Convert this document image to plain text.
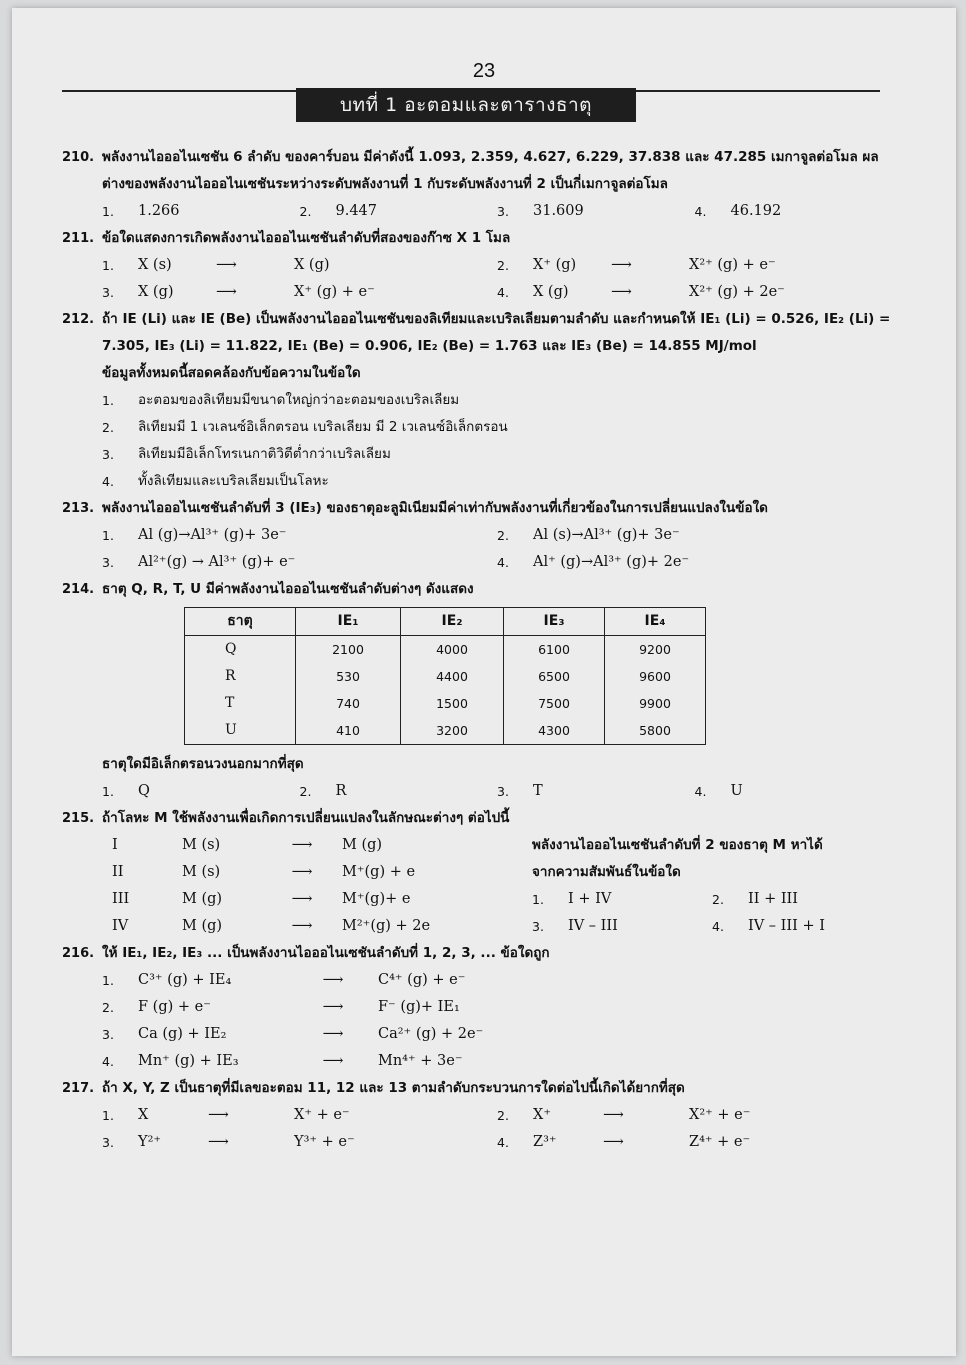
23
บทที่ 1 อะตอมและตารางธาตุ
210. พลังงานไอออไนเซชัน 6 ลำดับ ของคาร์บอน มีค่าดังนี้ 1.093, 2.359, 4.627, 6.229, 37.838 และ 47.285 เมกาจูลต่อโมล ผลต่างของพลังงานไอออไนเซชันระหว่างระดับพลังงานที่ 1 กับระดับพลังงานที่ 2 เป็นกี่เมกาจูลต่อโมล
1.	1.266	2.	9.447	3.	31.609	4.	46.192
211. ข้อใดแสดงการเกิดพลังงานไอออไนเซชันลำดับที่สองของก๊าซ X 1 โมล
1.	X (s)	⟶	X (g)	2.	X⁺ (g) ⟶	X²⁺ (g) + e⁻
3.	X (g)	⟶	X⁺ (g) + e⁻	4.	X (g)	⟶	X²⁺ (g) + 2e⁻
212. ถ้า IE (Li) และ IE (Be) เป็นพลังงานไอออไนเซชันของลิเทียมและเบริลเลียมตามลำดับ และกำหนดให้ IE₁ (Li) = 0.526, IE₂ (Li) = 7.305, IE₃ (Li) = 11.822, IE₁ (Be) = 0.906, IE₂ (Be) = 1.763 และ IE₃ (Be) = 14.855 MJ/mol
ข้อมูลทั้งหมดนี้สอดคล้องกับข้อความในข้อใด
1.	อะตอมของลิเทียมมีขนาดใหญ่กว่าอะตอมของเบริลเลียม
2.	ลิเทียมมี 1 เวเลนซ์อิเล็กตรอน เบริลเลียม มี 2 เวเลนซ์อิเล็กตรอน
3.	ลิเทียมมีอิเล็กโทรเนกาติวิตีต่ำกว่าเบริลเลียม
4.	ทั้งลิเทียมและเบริลเลียมเป็นโลหะ
213. พลังงานไอออไนเซชันลำดับที่ 3 (IE₃) ของธาตุอะลูมิเนียมมีค่าเท่ากับพลังงานที่เกี่ยวข้องในการเปลี่ยนแปลงในข้อใด
1.	Al (g)→Al³⁺ (g)+ 3e⁻	2.	Al (s)→Al³⁺ (g)+ 3e⁻
3.	Al²⁺(g) → Al³⁺ (g)+ e⁻	4.	Al⁺ (g)→Al³⁺ (g)+ 2e⁻
214. ธาตุ Q, R, T, U มีค่าพลังงานไอออไนเซชันลำดับต่างๆ ดังแสดง
ธาตุ	IE₁	IE₂	IE₃	IE₄
Q	2100	4000	6100	9200
R	530	4400	6500	9600
T	740	1500	7500	9900
U	410	3200	4300	5800
ธาตุใดมีอิเล็กตรอนวงนอกมากที่สุด
1.	Q	2.	R	3.	T	4.	U
215. ถ้าโลหะ M ใช้พลังงานเพื่อเกิดการเปลี่ยนแปลงในลักษณะต่างๆ ต่อไปนี้
I	M (s)	⟶	M (g)
II	M (s)	⟶	M⁺(g) + e
III	M (g)	⟶	M⁺(g)+ e
IV	M (g)	⟶	M²⁺(g) + 2e
พลังงานไอออไนเซชันลำดับที่ 2 ของธาตุ M หาได้
จากความสัมพันธ์ในข้อใด
1.	I + IV	2.	II + III
3.	IV – III	4.	IV – III + I
216. ให้ IE₁, IE₂, IE₃ ... เป็นพลังงานไอออไนเซชันลำดับที่ 1, 2, 3, ... ข้อใดถูก
1.	C³⁺ (g) + IE₄	⟶	C⁴⁺ (g) + e⁻
2.	F (g) + e⁻	⟶	F⁻ (g)+ IE₁
3.	Ca (g) + IE₂	⟶	Ca²⁺ (g) + 2e⁻
4.	Mn⁺ (g) + IE₃	⟶	Mn⁴⁺ + 3e⁻
217. ถ้า X, Y, Z เป็นธาตุที่มีเลขอะตอม 11, 12 และ 13 ตามลำดับกระบวนการใดต่อไปนี้เกิดได้ยากที่สุด
1.	X	⟶	X⁺ + e⁻	2.	X⁺	⟶	X²⁺ + e⁻
3.	Y²⁺	⟶	Y³⁺ + e⁻	4.	Z³⁺	⟶	Z⁴⁺ + e⁻
